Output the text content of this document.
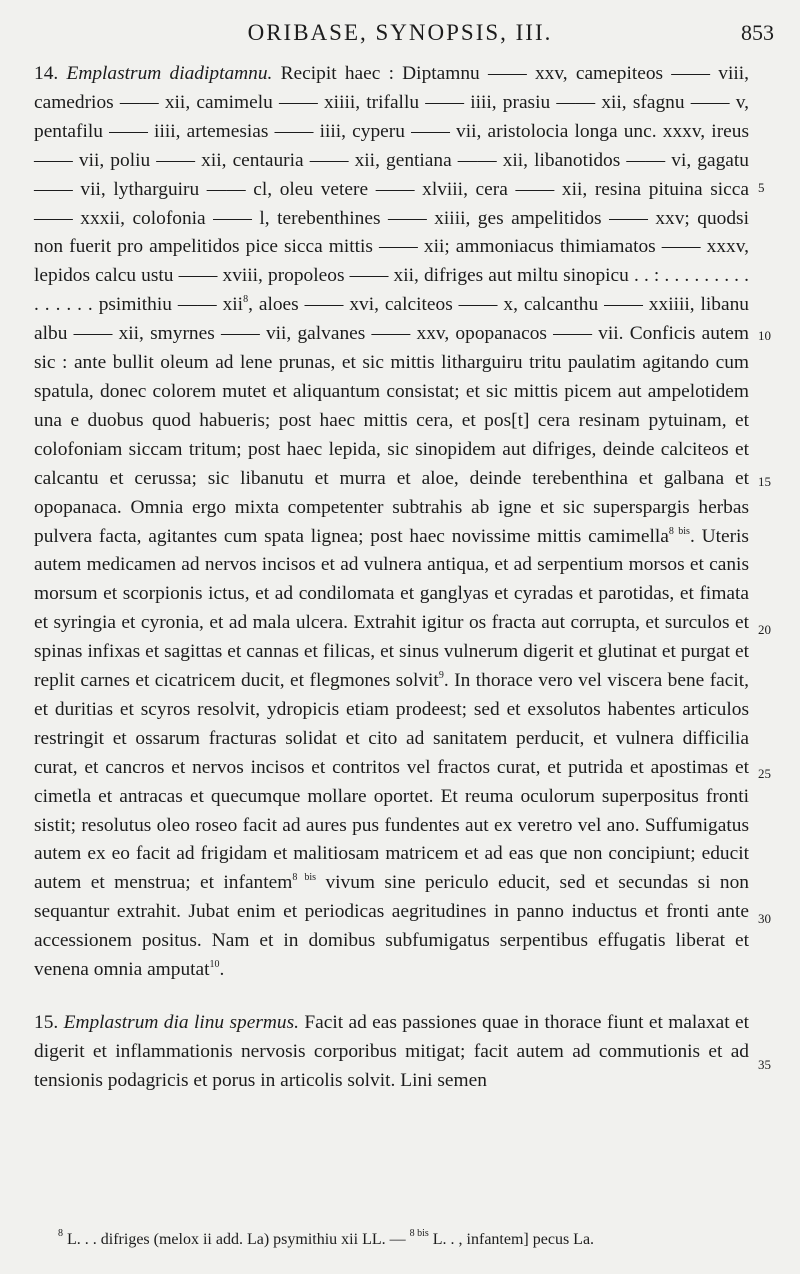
ORIBASE, SYNOPSIS, III.	853

14. Emplastrum diadiptamnu. Recipit haec : Diptamnu —— xxv, camepiteos —— viii, camedrios —— xii, camimelu —— xiiii, trifallu —— iiii, prasiu —— xii, sfagnu —— v, pentafilu —— iiii, artemesias —— iiii, cyperu —— vii, aristolocia longa unc. xxxv, ireus —— vii, poliu —— xii, centauria —— xii, gentiana —— xii, libanotidos —— vi, gagatu —— vii, lytharguiru —— cl, oleu vetere —— xlviii, cera —— xii, resina pituina sicca —— xxxii, colofonia —— l, terebenthines —— xiiii, ges ampelitidos —— xxv; quodsi non fuerit pro ampelitidos pice sicca mittis —— xii; ammoniacus thimiamatos —— xxxv, lepidos calcu ustu —— xviii, propoleos —— xii, difriges aut miltu sinopicu . . : . . . . . . . . . . . . . . . psimithiu —— xii$^8$, aloes —— xvi, calciteos —— x, calcanthu —— xxiiii, libanu albu —— xii, smyrnes —— vii, galvanes —— xxv, opopanacos —— vii. Conficis autem sic : ante bullit oleum ad lene prunas, et sic mittis litharguiru tritu paulatim agitando cum spatula, donec colorem mutet et aliquantum consistat; et sic mittis picem aut ampelotidem una e duobus quod habueris; post haec mittis cera, et pos[t] cera resinam pytuinam, et colofoniam siccam tritum; post haec lepida, sic sinopidem aut difriges, deinde calciteos et calcantu et cerussa; sic libanutu et murra et aloe, deinde terebenthina et galbana et opopanaca. Omnia ergo mixta competenter subtrahis ab igne et sic superspargis herbas pulvera facta, agitantes cum spata lignea; post haec novissime mittis camimella$^{8 bis}$. Uteris autem medicamen ad nervos incisos et ad vulnera antiqua, et ad serpentium morsos et canis morsum et scorpionis ictus, et ad condilomata et ganglyas et cyradas et parotidas, et fimata et syringia et cyronia, et ad mala ulcera. Extrahit igitur os fracta aut corrupta, et surculos et spinas infixas et sagittas et cannas et filicas, et sinus vulnerum digerit et glutinat et purgat et replit carnes et cicatricem ducit, et flegmones solvit$^9$. In thorace vero vel viscera bene facit, et duritias et scyros resolvit, ydropicis etiam prodeest; sed et exsolutos habentes articulos restringit et ossarum fracturas solidat et cito ad sanitatem perducit, et vulnera difficilia curat, et cancros et nervos incisos et contritos vel fractos curat, et putrida et apostimas et cimetla et antracas et quecumque mollare oportet. Et reuma oculorum superpositus fronti sistit; resolutus oleo roseo facit ad aures pus fundentes aut ex veretro vel ano. Suffumigatus autem ex eo facit ad frigidam et malitiosam matricem et ad eas que non concipiunt; educit autem et menstrua; et infantem$^{8 bis}$ vivum sine periculo educit, sed et secundas si non sequantur extrahit. Jubat enim et periodicas aegritudines in panno inductus et fronti ante accessionem positus. Nam et in domibus subfumigatus serpentibus effugatis liberat et venena omnia amputat$^{10}$.

15. Emplastrum dia linu spermus. Facit ad eas passiones quae in thorace fiunt et malaxat et digerit et inflammationis nervosis corporibus mitigat; facit autem ad commutionis et ad tensionis podagricis et porus in articolis solvit. Lini semen

5
10
15
20
25
30
35
$^8$ L. . . difriges (melox ii add. La) psymithiu xii LL. — $^{8 bis}$ L. . , infantem] pecus La.
